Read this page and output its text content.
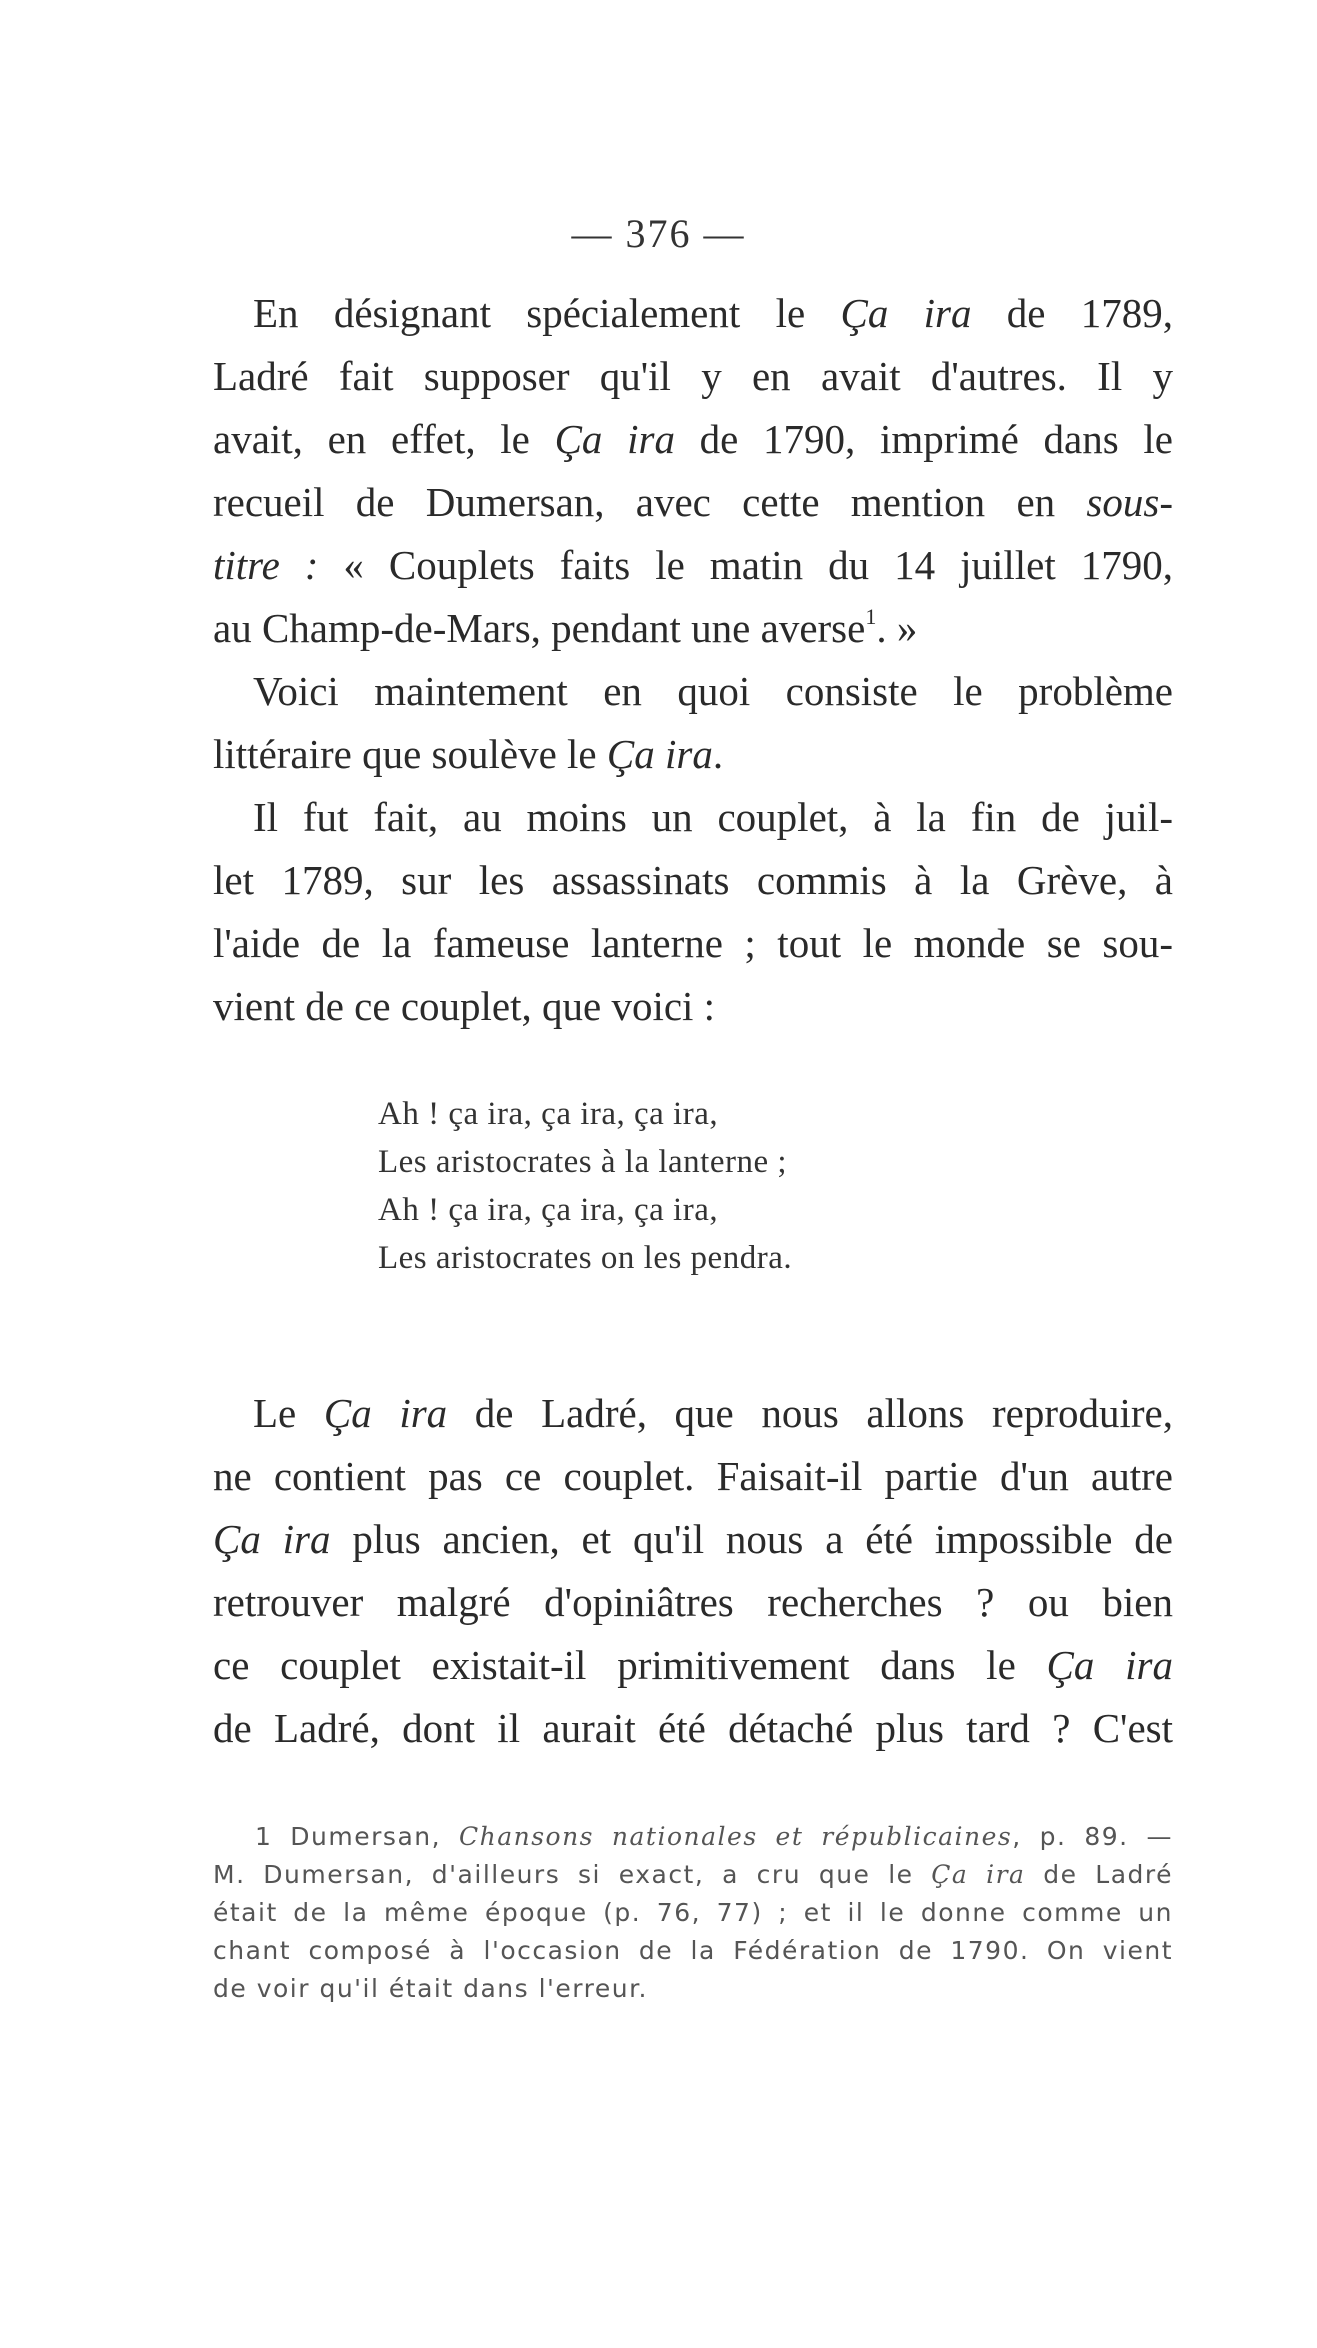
— 376 —
En désignant spécialement le Ça ira de 1789,
Ladré fait supposer qu'il y en avait d'autres. Il y
avait, en effet, le Ça ira de 1790, imprimé dans le
recueil de Dumersan, avec cette mention en sous-
titre : « Couplets faits le matin du 14 juillet 1790,
au Champ-de-Mars, pendant une averse$^1$. »
Voici maintement en quoi consiste le problème
littéraire que soulève le Ça ira.
Il fut fait, au moins un couplet, à la fin de juil-
let 1789, sur les assassinats commis à la Grève, à
l'aide de la fameuse lanterne ; tout le monde se sou-
vient de ce couplet, que voici :
Ah ! ça ira, ça ira, ça ira,
Les aristocrates à la lanterne ;
Ah ! ça ira, ça ira, ça ira,
Les aristocrates on les pendra.
Le Ça ira de Ladré, que nous allons reproduire,
ne contient pas ce couplet. Faisait-il partie d'un autre
Ça ira plus ancien, et qu'il nous a été impossible de
retrouver malgré d'opiniâtres recherches ? ou bien
ce couplet existait-il primitivement dans le Ça ira
de Ladré, dont il aurait été détaché plus tard ? C'est
1 Dumersan, Chansons nationales et républicaines, p. 89. —
M. Dumersan, d'ailleurs si exact, a cru que le Ça ira de Ladré
était de la même époque (p. 76, 77) ; et il le donne comme un
chant composé à l'occasion de la Fédération de 1790. On vient
de voir qu'il était dans l'erreur.
